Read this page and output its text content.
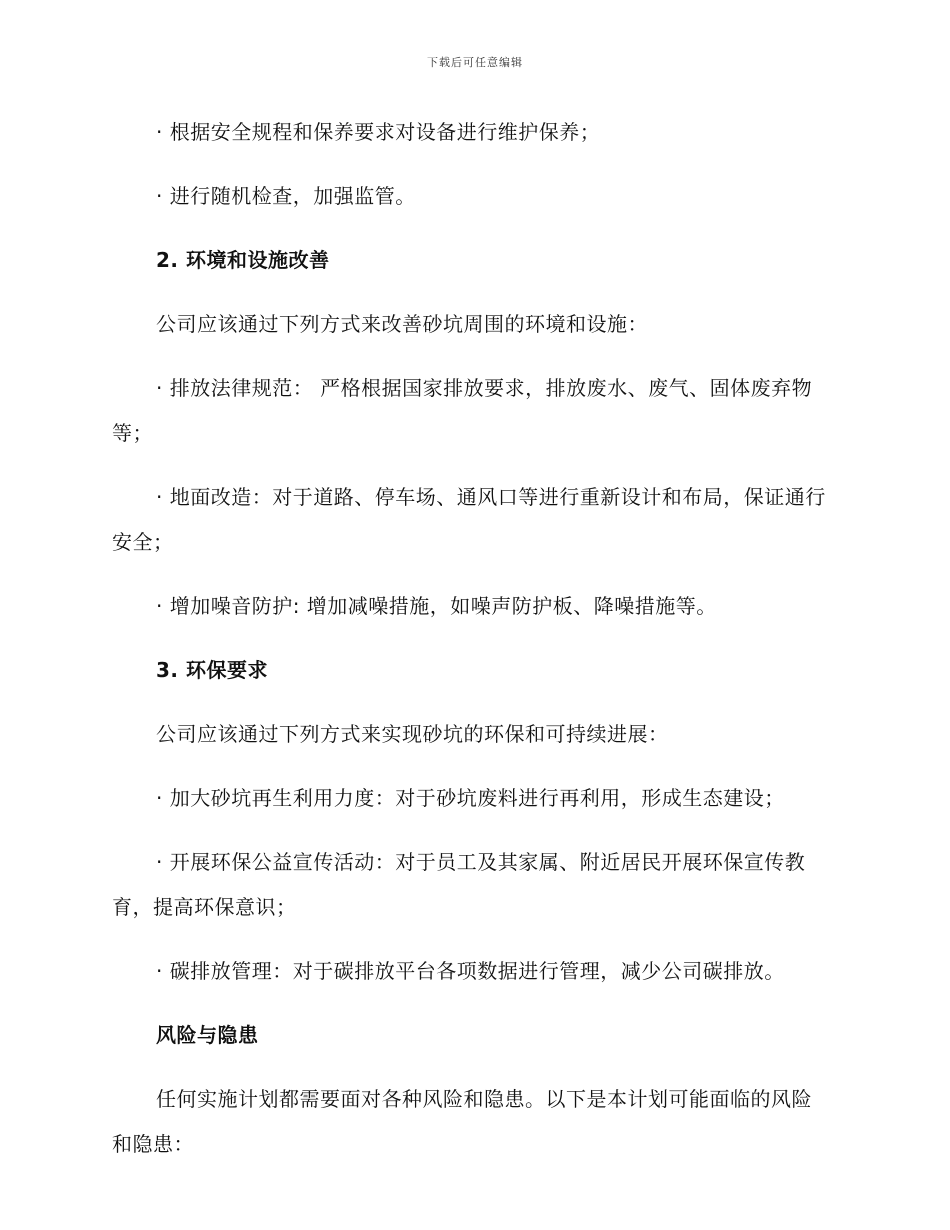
下载后可任意编辑

· 根据安全规程和保养要求对设备进行维护保养；

· 进行随机检查，加强监管。

2. 环境和设施改善

公司应该通过下列方式来改善砂坑周围的环境和设施：

· 排放法律规范： 严格根据国家排放要求，排放废水、废气、固体废弃物等；

· 地面改造：对于道路、停车场、通风口等进行重新设计和布局，保证通行安全；

· 增加噪音防护: 增加减噪措施，如噪声防护板、降噪措施等。

3. 环保要求

公司应该通过下列方式来实现砂坑的环保和可持续进展：

· 加大砂坑再生利用力度：对于砂坑废料进行再利用，形成生态建设；

· 开展环保公益宣传活动：对于员工及其家属、附近居民开展环保宣传教育，提高环保意识；

· 碳排放管理：对于碳排放平台各项数据进行管理，减少公司碳排放。

风险与隐患

任何实施计划都需要面对各种风险和隐患。以下是本计划可能面临的风险和隐患：
